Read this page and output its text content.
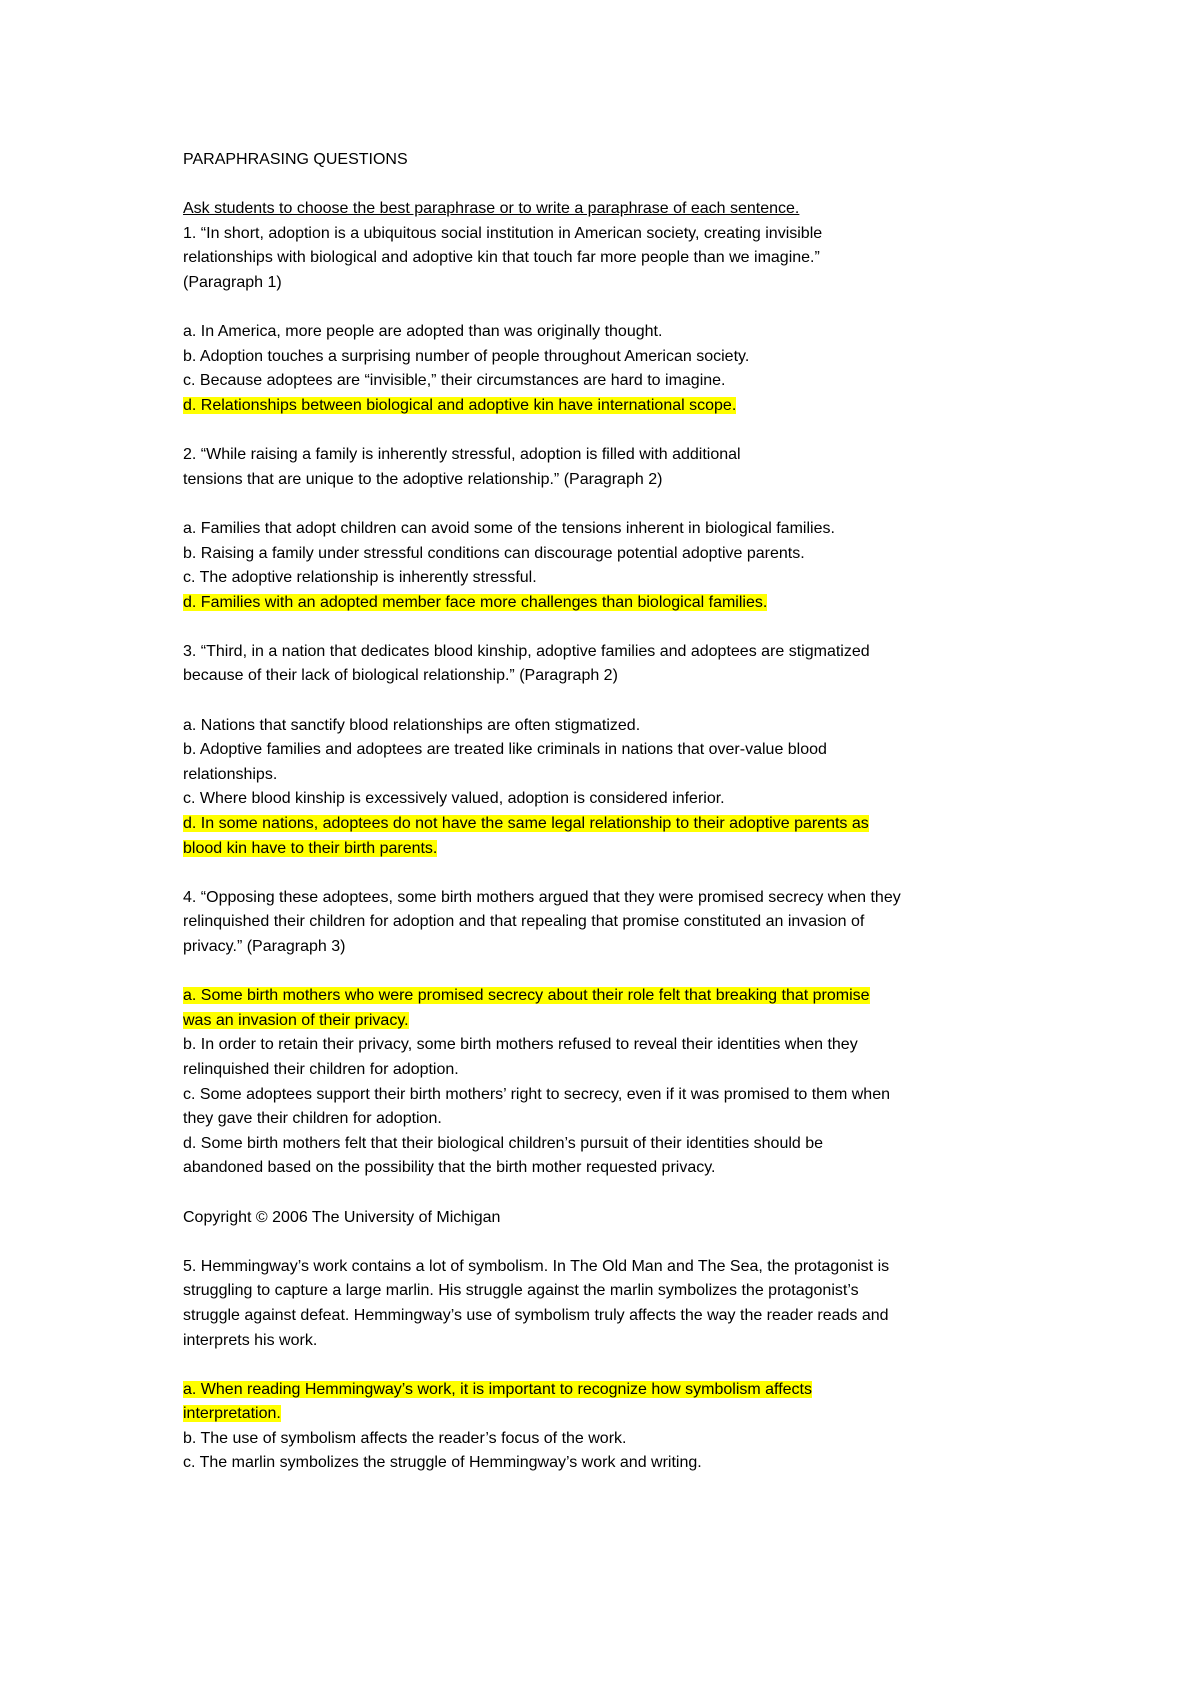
PARAPHRASING QUESTIONS
Ask students to choose the best paraphrase or to write a paraphrase of each sentence.
1. “In short, adoption is a ubiquitous social institution in American society, creating invisible
relationships with biological and adoptive kin that touch far more people than we imagine.”
(Paragraph 1)
a. In America, more people are adopted than was originally thought.
b. Adoption touches a surprising number of people throughout American society.
c. Because adoptees are “invisible,” their circumstances are hard to imagine.
d. Relationships between biological and adoptive kin have international scope.
2. “While raising a family is inherently stressful, adoption is filled with additional
tensions that are unique to the adoptive relationship.” (Paragraph 2)
a. Families that adopt children can avoid some of the tensions inherent in biological families.
b. Raising a family under stressful conditions can discourage potential adoptive parents.
c. The adoptive relationship is inherently stressful.
d. Families with an adopted member face more challenges than biological families.
3. “Third, in a nation that dedicates blood kinship, adoptive families and adoptees are stigmatized
because of their lack of biological relationship.” (Paragraph 2)
a. Nations that sanctify blood relationships are often stigmatized.
b. Adoptive families and adoptees are treated like criminals in nations that over-value blood
relationships.
c. Where blood kinship is excessively valued, adoption is considered inferior.
d. In some nations, adoptees do not have the same legal relationship to their adoptive parents as
blood kin have to their birth parents.
4. “Opposing these adoptees, some birth mothers argued that they were promised secrecy when they
relinquished their children for adoption and that repealing that promise constituted an invasion of
privacy.” (Paragraph 3)
a. Some birth mothers who were promised secrecy about their role felt that breaking that promise
was an invasion of their privacy.
b. In order to retain their privacy, some birth mothers refused to reveal their identities when they
relinquished their children for adoption.
c. Some adoptees support their birth mothers’ right to secrecy, even if it was promised to them when
they gave their children for adoption.
d. Some birth mothers felt that their biological children’s pursuit of their identities should be
abandoned based on the possibility that the birth mother requested privacy.
Copyright © 2006 The University of Michigan
5. Hemmingway’s work contains a lot of symbolism. In The Old Man and The Sea, the protagonist is
struggling to capture a large marlin. His struggle against the marlin symbolizes the protagonist’s
struggle against defeat. Hemmingway’s use of symbolism truly affects the way the reader reads and
interprets his work.
a. When reading Hemmingway’s work, it is important to recognize how symbolism affects
interpretation.
b. The use of symbolism affects the reader’s focus of the work.
c. The marlin symbolizes the struggle of Hemmingway’s work and writing.
